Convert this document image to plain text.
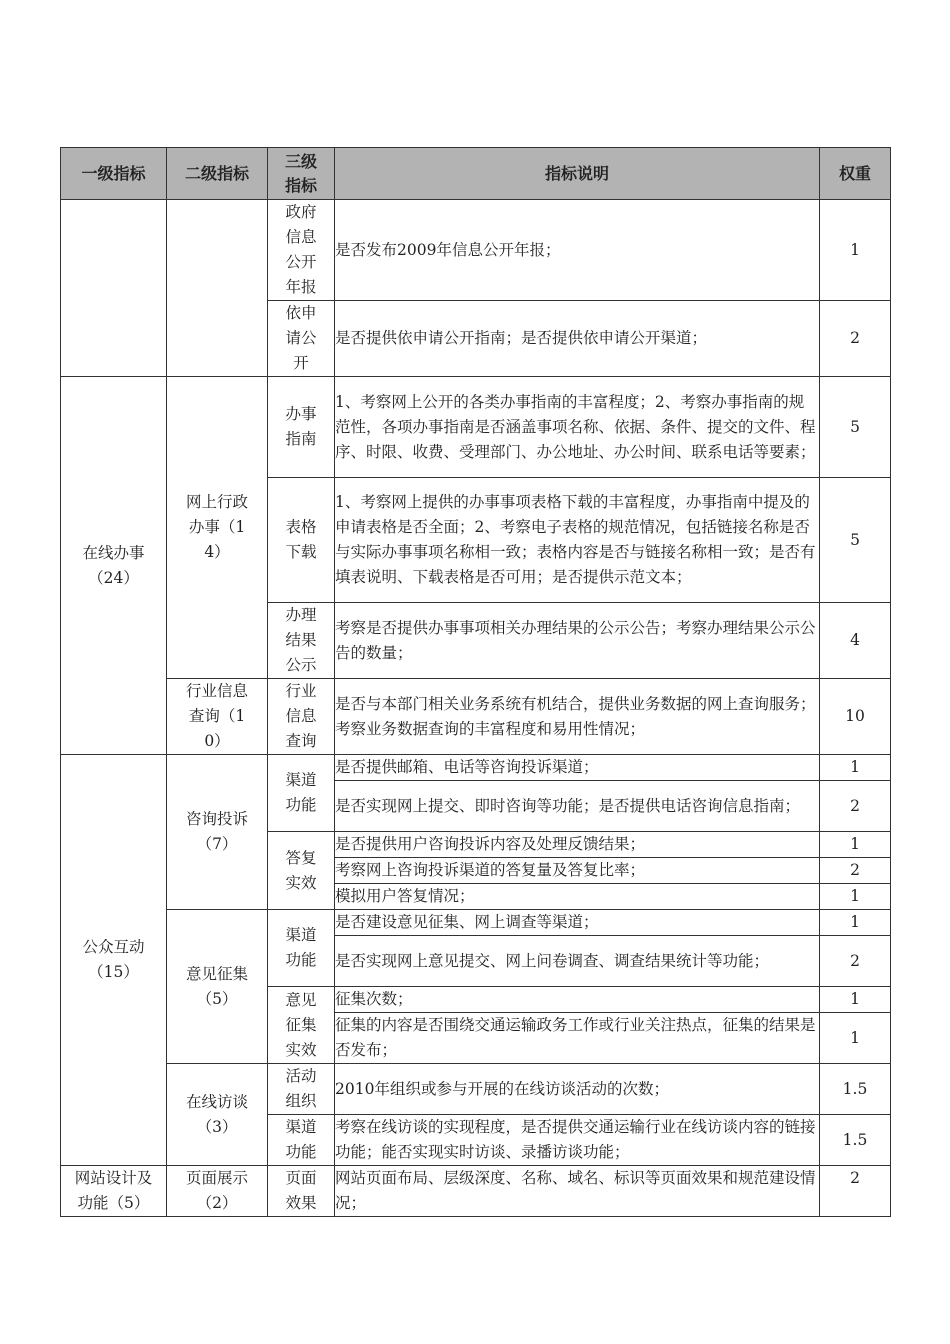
一级指标	二级指标	三级指标	指标说明	权重

		政府信息公开年报	是否发布2009年信息公开年报；	1

		依申请公开	是否提供依申请公开指南；是否提供依申请公开渠道；	2

在线办事（24）	网上行政办事（14）	办事指南	1、考察网上公开的各类办事指南的丰富程度；2、考察办事指南的规范性，各项办事指南是否涵盖事项名称、依据、条件、提交的文件、程序、时限、收费、受理部门、办公地址、办公时间、联系电话等要素；	5

		表格下载	1、考察网上提供的办事事项表格下载的丰富程度，办事指南中提及的申请表格是否全面；2、考察电子表格的规范情况，包括链接名称是否与实际办事事项名称相一致；表格内容是否与链接名称相一致；是否有填表说明、下载表格是否可用；是否提供示范文本；	5

		办理结果公示	考察是否提供办事事项相关办理结果的公示公告；考察办理结果公示公告的数量；	4

	行业信息查询（10）	行业信息查询	是否与本部门相关业务系统有机结合，提供业务数据的网上查询服务；考察业务数据查询的丰富程度和易用性情况；	10

公众互动（15）	咨询投诉（7）	渠道功能	是否提供邮箱、电话等咨询投诉渠道；	1
			是否实现网上提交、即时咨询等功能；是否提供电话咨询信息指南；	2

		答复实效	是否提供用户咨询投诉内容及处理反馈结果；	1
			考察网上咨询投诉渠道的答复量及答复比率；	2
			模拟用户答复情况；	1

	意见征集（5）	渠道功能	是否建设意见征集、网上调查等渠道；	1
			是否实现网上意见提交、网上问卷调查、调查结果统计等功能；	2

		意见征集实效	征集次数；	1
			征集的内容是否围绕交通运输政务工作或行业关注热点，征集的结果是否发布；	1

	在线访谈（3）	活动组织	2010年组织或参与开展的在线访谈活动的次数；	1.5

		渠道功能	考察在线访谈的实现程度，是否提供交通运输行业在线访谈内容的链接功能；能否实现实时访谈、录播访谈功能；	1.5

网站设计及功能（5）	页面展示（2）	页面效果	网站页面布局、层级深度、名称、域名、标识等页面效果和规范建设情况；	2
